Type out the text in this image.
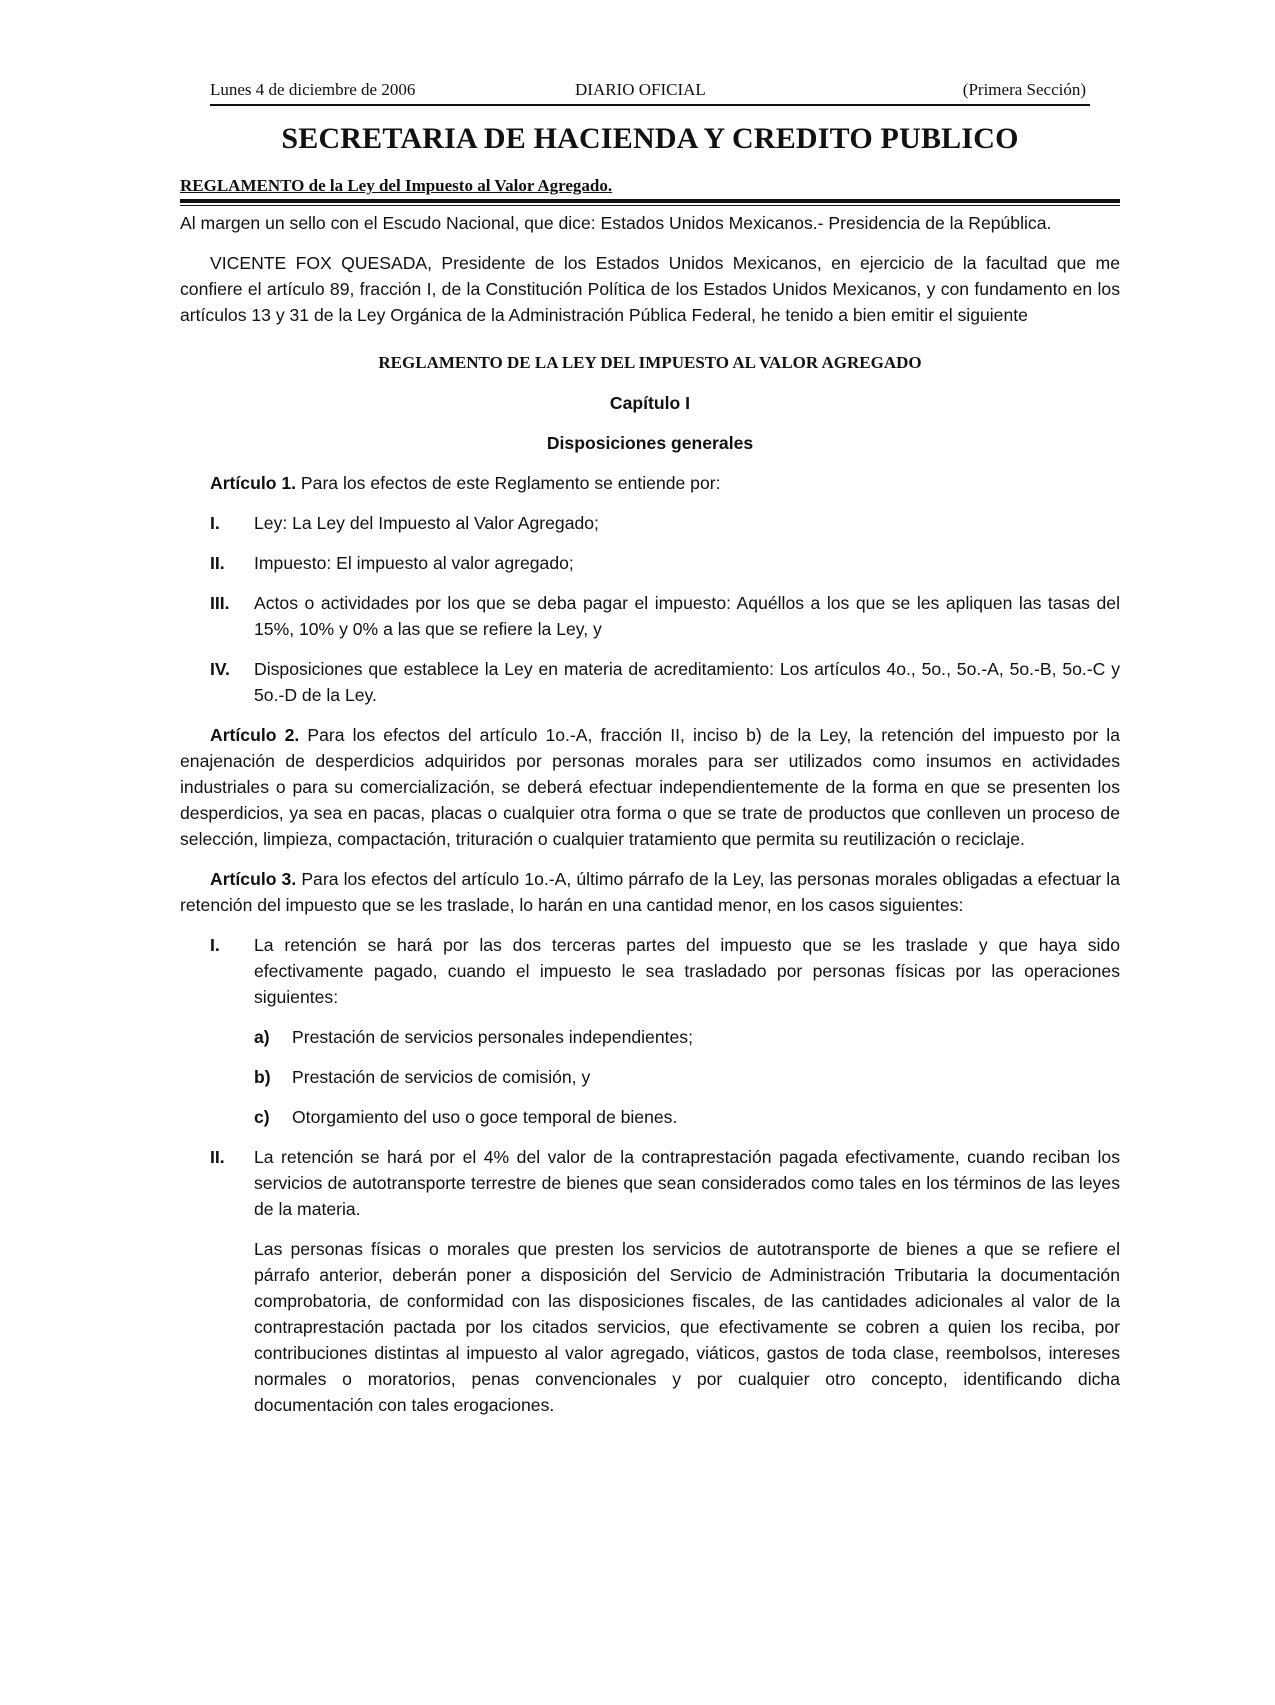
Lunes 4 de diciembre de 2006	DIARIO OFICIAL	(Primera Sección)
SECRETARIA DE HACIENDA Y CREDITO PUBLICO
REGLAMENTO de la Ley del Impuesto al Valor Agregado.

Al margen un sello con el Escudo Nacional, que dice: Estados Unidos Mexicanos.- Presidencia de la República.

VICENTE FOX QUESADA, Presidente de los Estados Unidos Mexicanos, en ejercicio de la facultad que me confiere el artículo 89, fracción I, de la Constitución Política de los Estados Unidos Mexicanos, y con fundamento en los artículos 13 y 31 de la Ley Orgánica de la Administración Pública Federal, he tenido a bien emitir el siguiente

REGLAMENTO DE LA LEY DEL IMPUESTO AL VALOR AGREGADO

Capítulo I

Disposiciones generales

Artículo 1. Para los efectos de este Reglamento se entiende por:

I.	Ley: La Ley del Impuesto al Valor Agregado;
II.	Impuesto: El impuesto al valor agregado;
III.	Actos o actividades por los que se deba pagar el impuesto: Aquéllos a los que se les apliquen las tasas del 15%, 10% y 0% a las que se refiere la Ley, y
IV.	Disposiciones que establece la Ley en materia de acreditamiento: Los artículos 4o., 5o., 5o.-A, 5o.-B, 5o.-C y 5o.-D de la Ley.

Artículo 2. Para los efectos del artículo 1o.-A, fracción II, inciso b) de la Ley, la retención del impuesto por la enajenación de desperdicios adquiridos por personas morales para ser utilizados como insumos en actividades industriales o para su comercialización, se deberá efectuar independientemente de la forma en que se presenten los desperdicios, ya sea en pacas, placas o cualquier otra forma o que se trate de productos que conlleven un proceso de selección, limpieza, compactación, trituración o cualquier tratamiento que permita su reutilización o reciclaje.

Artículo 3. Para los efectos del artículo 1o.-A, último párrafo de la Ley, las personas morales obligadas a efectuar la retención del impuesto que se les traslade, lo harán en una cantidad menor, en los casos siguientes:

I.	La retención se hará por las dos terceras partes del impuesto que se les traslade y que haya sido efectivamente pagado, cuando el impuesto le sea trasladado por personas físicas por las operaciones siguientes:
a)	Prestación de servicios personales independientes;
b)	Prestación de servicios de comisión, y
c)	Otorgamiento del uso o goce temporal de bienes.
II.	La retención se hará por el 4% del valor de la contraprestación pagada efectivamente, cuando reciban los servicios de autotransporte terrestre de bienes que sean considerados como tales en los términos de las leyes de la materia.

Las personas físicas o morales que presten los servicios de autotransporte de bienes a que se refiere el párrafo anterior, deberán poner a disposición del Servicio de Administración Tributaria la documentación comprobatoria, de conformidad con las disposiciones fiscales, de las cantidades adicionales al valor de la contraprestación pactada por los citados servicios, que efectivamente se cobren a quien los reciba, por contribuciones distintas al impuesto al valor agregado, viáticos, gastos de toda clase, reembolsos, intereses normales o moratorios, penas convencionales y por cualquier otro concepto, identificando dicha documentación con tales erogaciones.
